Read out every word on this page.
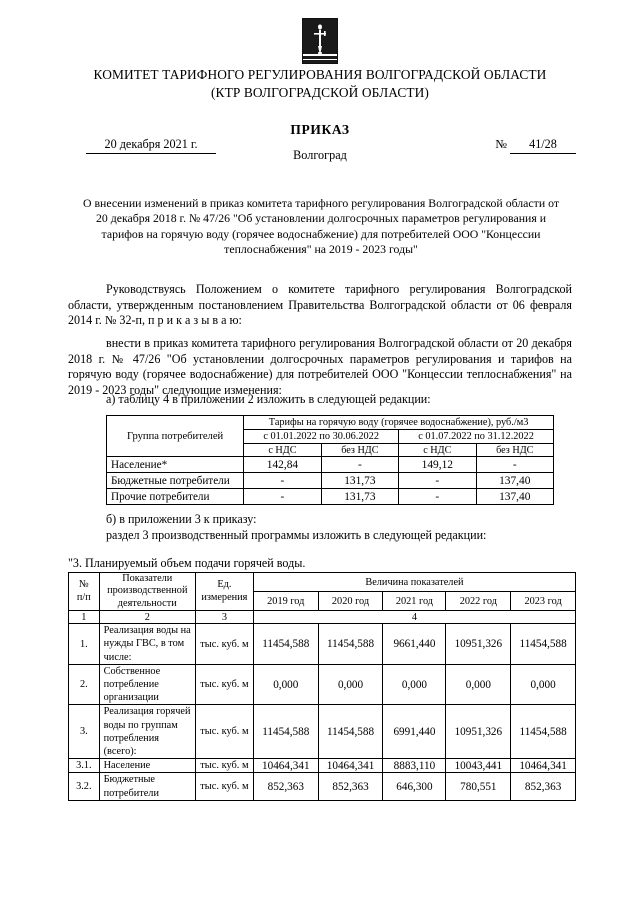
КОМИТЕТ ТАРИФНОГО РЕГУЛИРОВАНИЯ ВОЛГОГРАДСКОЙ ОБЛАСТИ
(КТР ВОЛГОГРАДСКОЙ ОБЛАСТИ)
ПРИКАЗ
20 декабря 2021 г.	№ 41/28
Волгоград
О внесении изменений в приказ комитета тарифного регулирования Волгоградской области от 20 декабря 2018 г. № 47/26 "Об установлении долгосрочных параметров регулирования и тарифов на горячую воду (горячее водоснабжение) для потребителей ООО "Концессии теплоснабжения" на 2019 - 2023 годы"

Руководствуясь Положением о комитете тарифного регулирования Волгоградской области, утвержденным постановлением Правительства Волгоградской области от 06 февраля 2014 г. № 32-п, п р и к а з ы в а ю:

внести в приказ комитета тарифного регулирования Волгоградской области от 20 декабря 2018 г. № 47/26 "Об установлении долгосрочных параметров регулирования и тарифов на горячую воду (горячее водоснабжение) для потребителей ООО "Концессии теплоснабжения" на 2019 - 2023 годы" следующие изменения:

а) таблицу 4 в приложении 2 изложить в следующей редакции:

Группа потребителей	Тарифы на горячую воду (горячее водоснабжение), руб./м3			
	с 01.01.2022 по 30.06.2022		с 01.07.2022 по 31.12.2022	
	с НДС	без НДС	с НДС	без НДС
Население*	142,84	-	149,12	-
Бюджетные потребители	-	131,73	-	137,40
Прочие потребители	-	131,73	-	137,40

б) в приложении 3 к приказу:

раздел 3 производственный программы изложить в следующей редакции:

"3. Планируемый объем подачи горячей воды.

№
п/п	Показатели
производственной
деятельности	Ед.
измерения	Величина показателей				
			2019 год	2020 год	2021 год	2022 год	2023 год
1	2	3	4				
1.	Реализация воды на нужды ГВС, в том числе:	тыс. куб. м	11454,588	11454,588	9661,440	10951,326	11454,588
2.	Собственное потребление организации	тыс. куб. м	0,000	0,000	0,000	0,000	0,000
3.	Реализация горячей воды по группам потребления (всего):	тыс. куб. м	11454,588	11454,588	6991,440	10951,326	11454,588
3.1.	Население	тыс. куб. м	10464,341	10464,341	8883,110	10043,441	10464,341
3.2.	Бюджетные потребители	тыс. куб. м	852,363	852,363	646,300	780,551	852,363
